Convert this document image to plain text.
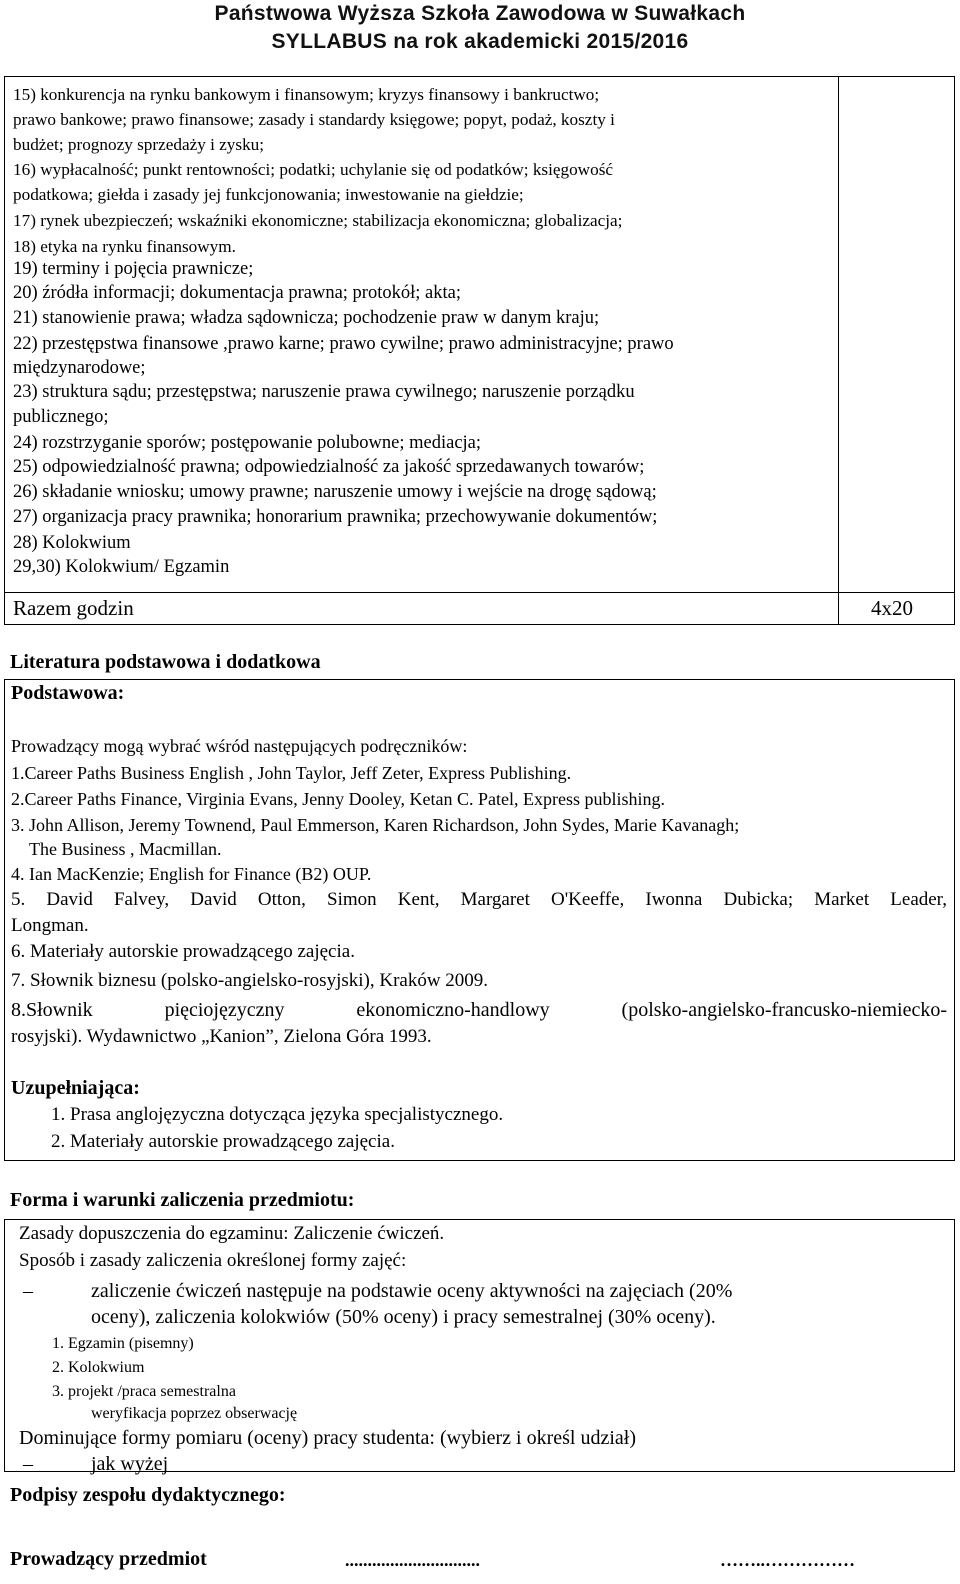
Państwowa Wyższa Szkoła Zawodowa w Suwałkach
SYLLABUS na rok akademicki 2015/2016
15) konkurencja na rynku bankowym i finansowym; kryzys finansowy i bankructwo;
prawo bankowe; prawo finansowe; zasady i standardy księgowe; popyt, podaż, koszty i
budżet; prognozy sprzedaży i zysku;
16) wypłacalność; punkt rentowności; podatki; uchylanie się od podatków; księgowość
podatkowa; giełda i zasady jej funkcjonowania; inwestowanie na giełdzie;
17) rynek ubezpieczeń; wskaźniki ekonomiczne; stabilizacja ekonomiczna; globalizacja;
18) etyka na rynku finansowym.
19) terminy i pojęcia prawnicze;
20) źródła informacji; dokumentacja prawna; protokół; akta;
21) stanowienie prawa; władza sądownicza; pochodzenie praw w danym kraju;
22) przestępstwa finansowe ,prawo karne; prawo cywilne; prawo administracyjne; prawo
międzynarodowe;
23) struktura sądu; przestępstwa; naruszenie prawa cywilnego; naruszenie porządku
publicznego;
24) rozstrzyganie sporów; postępowanie polubowne; mediacja;
25) odpowiedzialność prawna; odpowiedzialność za jakość sprzedawanych towarów;
26) składanie wniosku; umowy prawne; naruszenie umowy i wejście na drogę sądową;
27) organizacja pracy prawnika; honorarium prawnika; przechowywanie dokumentów;
28) Kolokwium
29,30) Kolokwium/ Egzamin
Razem godzin	4x20
Literatura podstawowa i dodatkowa
Podstawowa:
Prowadzący mogą wybrać wśród następujących podręczników:
1.Career Paths Business English , John Taylor, Jeff Zeter, Express Publishing.
2.Career Paths Finance, Virginia Evans, Jenny Dooley, Ketan C. Patel, Express publishing.
3. John Allison, Jeremy Townend, Paul Emmerson, Karen Richardson, John Sydes, Marie Kavanagh;
The Business , Macmillan.
4. Ian MacKenzie; English for Finance (B2) OUP.
5. David Falvey, David Otton, Simon Kent, Margaret O'Keeffe, Iwonna Dubicka; Market Leader,
Longman.
6. Materiały autorskie prowadzącego zajęcia.
7. Słownik biznesu (polsko-angielsko-rosyjski), Kraków 2009.
8.Słownik pięciojęzyczny ekonomiczno-handlowy (polsko-angielsko-francusko-niemiecko-
rosyjski). Wydawnictwo „Kanion”, Zielona Góra 1993.
Uzupełniająca:
1. Prasa anglojęzyczna dotycząca języka specjalistycznego.
2. Materiały autorskie prowadzącego zajęcia.
Forma i warunki zaliczenia przedmiotu:
Zasady dopuszczenia do egzaminu: Zaliczenie ćwiczeń.
Sposób i zasady zaliczenia określonej formy zajęć:
–	zaliczenie ćwiczeń następuje na podstawie oceny aktywności na zajęciach (20%
oceny), zaliczenia kolokwiów (50% oceny) i pracy semestralnej (30% oceny).
1. Egzamin (pisemny)
2. Kolokwium
3. projekt /praca semestralna
weryfikacja poprzez obserwację
Dominujące formy pomiaru (oceny) pracy studenta: (wybierz i określ udział)
–	jak wyżej
Podpisy zespołu dydaktycznego:
Prowadzący przedmiot	..............................	……..……………
